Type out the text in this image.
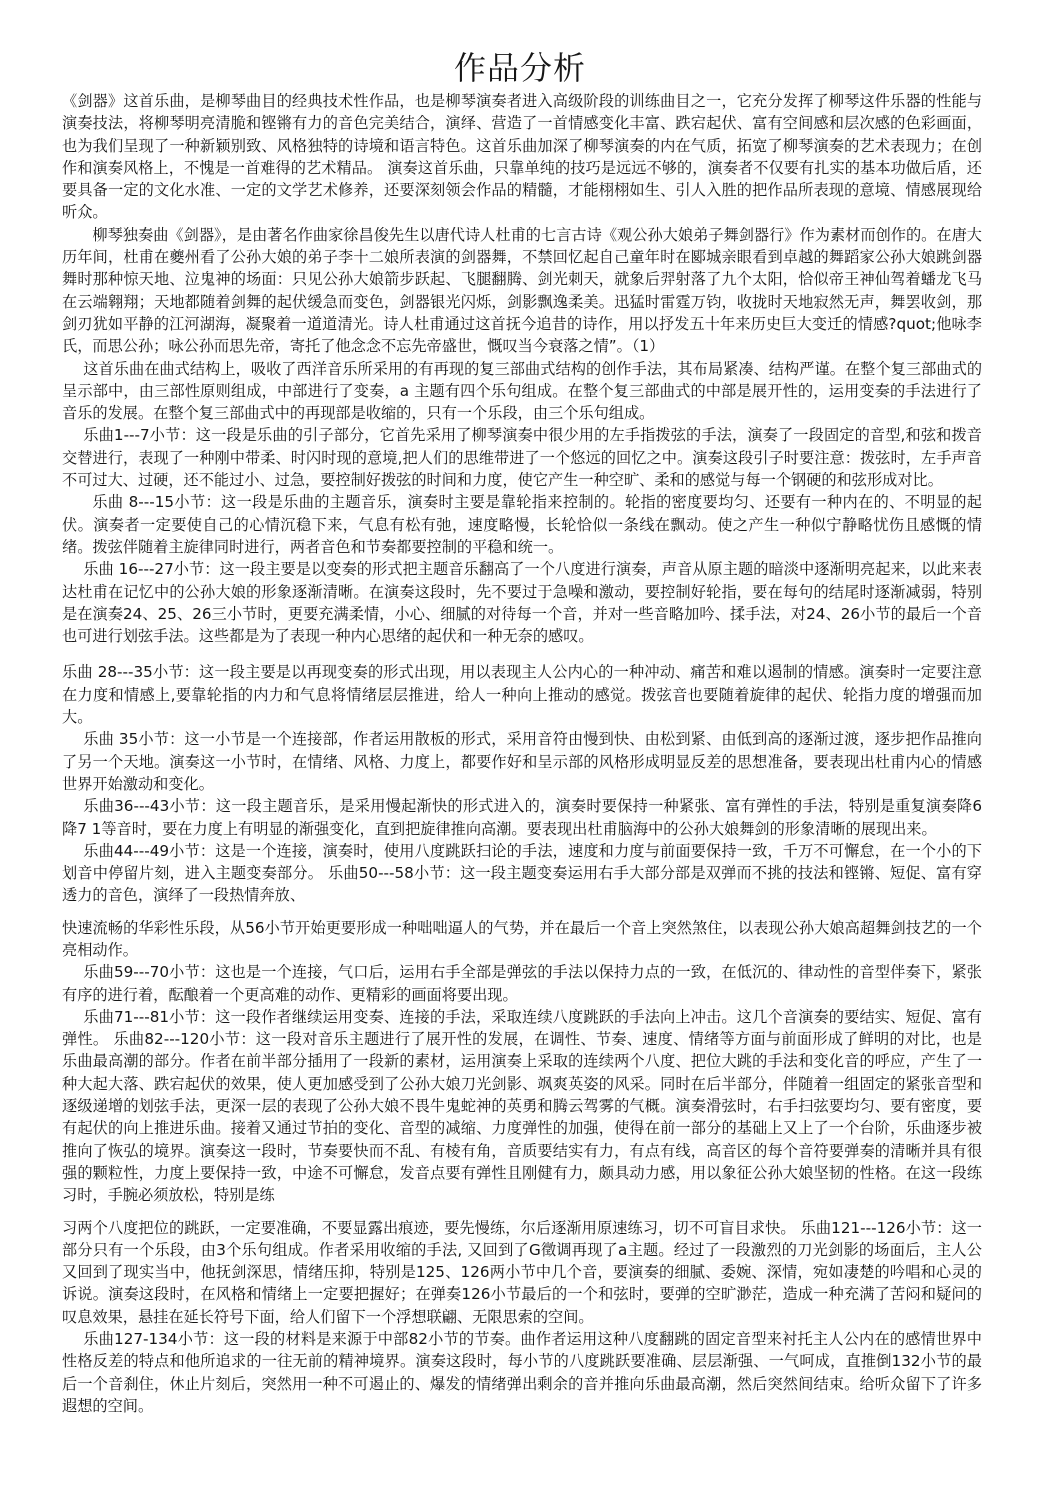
作品分析

《剑器》这首乐曲，是柳琴曲目的经典技术性作品，也是柳琴演奏者进入高级阶段的训练曲目之一，它充分发挥了柳琴这件乐器的性能与演奏技法，将柳琴明亮清脆和铿锵有力的音色完美结合，演绎、营造了一首情感变化丰富、跌宕起伏、富有空间感和层次感的色彩画面，也为我们呈现了一种新颖别致、风格独特的诗境和语言特色。这首乐曲加深了柳琴演奏的内在气质，拓宽了柳琴演奏的艺术表现力；在创作和演奏风格上，不愧是一首难得的艺术精品。 演奏这首乐曲，只靠单纯的技巧是远远不够的，演奏者不仅要有扎实的基本功做后盾，还要具备一定的文化水准、一定的文学艺术修养，还要深刻领会作品的精髓，才能栩栩如生、引人入胜的把作品所表现的意境、情感展现给听众。

柳琴独奏曲《剑器》，是由著名作曲家徐昌俊先生以唐代诗人杜甫的七言古诗《观公孙大娘弟子舞剑器行》作为素材而创作的。在唐大历年间，杜甫在夔州看了公孙大娘的弟子李十二娘所表演的剑器舞，不禁回忆起自己童年时在郾城亲眼看到卓越的舞蹈家公孙大娘跳剑器舞时那种惊天地、泣鬼神的场面：只见公孙大娘箭步跃起、飞腿翻腾、剑光刺天，就象后羿射落了九个太阳，恰似帝王神仙驾着蟠龙飞马在云端翱翔；天地都随着剑舞的起伏缓急而变色，剑器银光闪烁，剑影飘逸柔美。迅猛时雷霆万钧，收拢时天地寂然无声，舞罢收剑，那剑刃犹如平静的江河湖海，凝聚着一道道清光。诗人杜甫通过这首抚今追昔的诗作，用以抒发五十年来历史巨大变迁的情感?quot;他咏李氏，而思公孙；咏公孙而思先帝，寄托了他念念不忘先帝盛世，慨叹当今衰落之情”。（1）

这首乐曲在曲式结构上，吸收了西洋音乐所采用的有再现的复三部曲式结构的创作手法，其布局紧凑、结构严谨。在整个复三部曲式的呈示部中，由三部性原则组成，中部进行了变奏，a 主题有四个乐句组成。在整个复三部曲式的中部是展开性的，运用变奏的手法进行了音乐的发展。在整个复三部曲式中的再现部是收缩的，只有一个乐段，由三个乐句组成。

乐曲1---7小节：这一段是乐曲的引子部分，它首先采用了柳琴演奏中很少用的左手指拨弦的手法，演奏了一段固定的音型,和弦和拨音交替进行，表现了一种刚中带柔、时闪时现的意境,把人们的思维带进了一个悠远的回忆之中。演奏这段引子时要注意：拨弦时，左手声音不可过大、过硬，还不能过小、过急，要控制好拨弦的时间和力度，使它产生一种空旷、柔和的感觉与每一个钢硬的和弦形成对比。

乐曲 8---15小节：这一段是乐曲的主题音乐，演奏时主要是靠轮指来控制的。轮指的密度要均匀、还要有一种内在的、不明显的起伏。演奏者一定要使自己的心情沉稳下来，气息有松有弛，速度略慢，长轮恰似一条线在飘动。使之产生一种似宁静略忧伤且感慨的情绪。拨弦伴随着主旋律同时进行，两者音色和节奏都要控制的平稳和统一。

乐曲 16---27小节：这一段主要是以变奏的形式把主题音乐翻高了一个八度进行演奏，声音从原主题的暗淡中逐渐明亮起来，以此来表达杜甫在记忆中的公孙大娘的形象逐渐清晰。在演奏这段时，先不要过于急噪和激动，要控制好轮指，要在每句的结尾时逐渐减弱，特别是在演奏24、25、26三小节时，更要充满柔情，小心、细腻的对待每一个音，并对一些音略加吟、揉手法，对24、26小节的最后一个音也可进行划弦手法。这些都是为了表现一种内心思绪的起伏和一种无奈的感叹。

乐曲 28---35小节：这一段主要是以再现变奏的形式出现，用以表现主人公内心的一种冲动、痛苦和难以遏制的情感。演奏时一定要注意在力度和情感上,要靠轮指的内力和气息将情绪层层推进，给人一种向上推动的感觉。拨弦音也要随着旋律的起伏、轮指力度的增强而加大。

乐曲 35小节：这一小节是一个连接部，作者运用散板的形式，采用音符由慢到快、由松到紧、由低到高的逐渐过渡，逐步把作品推向了另一个天地。演奏这一小节时，在情绪、风格、力度上，都要作好和呈示部的风格形成明显反差的思想准备，要表现出杜甫内心的情感世界开始激动和变化。

乐曲36---43小节：这一段主题音乐，是采用慢起渐快的形式进入的，演奏时要保持一种紧张、富有弹性的手法，特别是重复演奏降6降7 1等音时，要在力度上有明显的渐强变化，直到把旋律推向高潮。要表现出杜甫脑海中的公孙大娘舞剑的形象清晰的展现出来。

乐曲44---49小节：这是一个连接，演奏时，使用八度跳跃扫论的手法，速度和力度与前面要保持一致，千万不可懈怠，在一个小的下划音中停留片刻，进入主题变奏部分。 乐曲50---58小节：这一段主题变奏运用右手大部分部是双弹而不挑的技法和铿锵、短促、富有穿透力的音色，演绎了一段热情奔放、

快速流畅的华彩性乐段，从56小节开始更要形成一种咄咄逼人的气势，并在最后一个音上突然煞住，以表现公孙大娘高超舞剑技艺的一个亮相动作。

乐曲59---70小节：这也是一个连接，气口后，运用右手全部是弹弦的手法以保持力点的一致，在低沉的、律动性的音型伴奏下，紧张有序的进行着，酝酿着一个更高难的动作、更精彩的画面将要出现。

乐曲71---81小节：这一段作者继续运用变奏、连接的手法，采取连续八度跳跃的手法向上冲击。这几个音演奏的要结实、短促、富有弹性。 乐曲82---120小节：这一段对音乐主题进行了展开性的发展，在调性、节奏、速度、情绪等方面与前面形成了鲜明的对比，也是乐曲最高潮的部分。作者在前半部分插用了一段新的素材，运用演奏上采取的连续两个八度、把位大跳的手法和变化音的呼应，产生了一种大起大落、跌宕起伏的效果，使人更加感受到了公孙大娘刀光剑影、飒爽英姿的风采。同时在后半部分，伴随着一组固定的紧张音型和逐级递增的划弦手法，更深一层的表现了公孙大娘不畏牛鬼蛇神的英勇和腾云驾雾的气概。演奏滑弦时，右手扫弦要均匀、要有密度，要有起伏的向上推进乐曲。接着又通过节拍的变化、音型的减缩、力度弹性的加强，使得在前一部分的基础上又上了一个台阶，乐曲逐步被推向了恢弘的境界。演奏这一段时，节奏要快而不乱、有棱有角，音质要结实有力，有点有线，高音区的每个音符要弹奏的清晰并具有很强的颗粒性，力度上要保持一致，中途不可懈怠，发音点要有弹性且刚健有力，颇具动力感，用以象征公孙大娘坚韧的性格。在这一段练习时，手腕必须放松，特别是练

习两个八度把位的跳跃，一定要准确，不要显露出痕迹，要先慢练，尔后逐渐用原速练习，切不可盲目求快。 乐曲121---126小节：这一部分只有一个乐段，由3个乐句组成。作者采用收缩的手法, 又回到了G徵调再现了a主题。经过了一段激烈的刀光剑影的场面后，主人公又回到了现实当中，他抚剑深思，情绪压抑，特别是125、126两小节中几个音，要演奏的细腻、委婉、深情，宛如凄楚的吟唱和心灵的诉说。演奏这段时，在风格和情绪上一定要把握好；在弹奏126小节最后的一个和弦时，要弹的空旷渺茫，造成一种充满了苦闷和疑问的叹息效果，悬挂在延长符号下面，给人们留下一个浮想联翩、无限思索的空间。

乐曲127-134小节：这一段的材料是来源于中部82小节的节奏。曲作者运用这种八度翻跳的固定音型来衬托主人公内在的感情世界中性格反差的特点和他所追求的一往无前的精神境界。演奏这段时，每小节的八度跳跃要准确、层层渐强、一气呵成，直推倒132小节的最后一个音刹住，休止片刻后，突然用一种不可遏止的、爆发的情绪弹出剩余的音并推向乐曲最高潮，然后突然间结束。给听众留下了许多遐想的空间。
